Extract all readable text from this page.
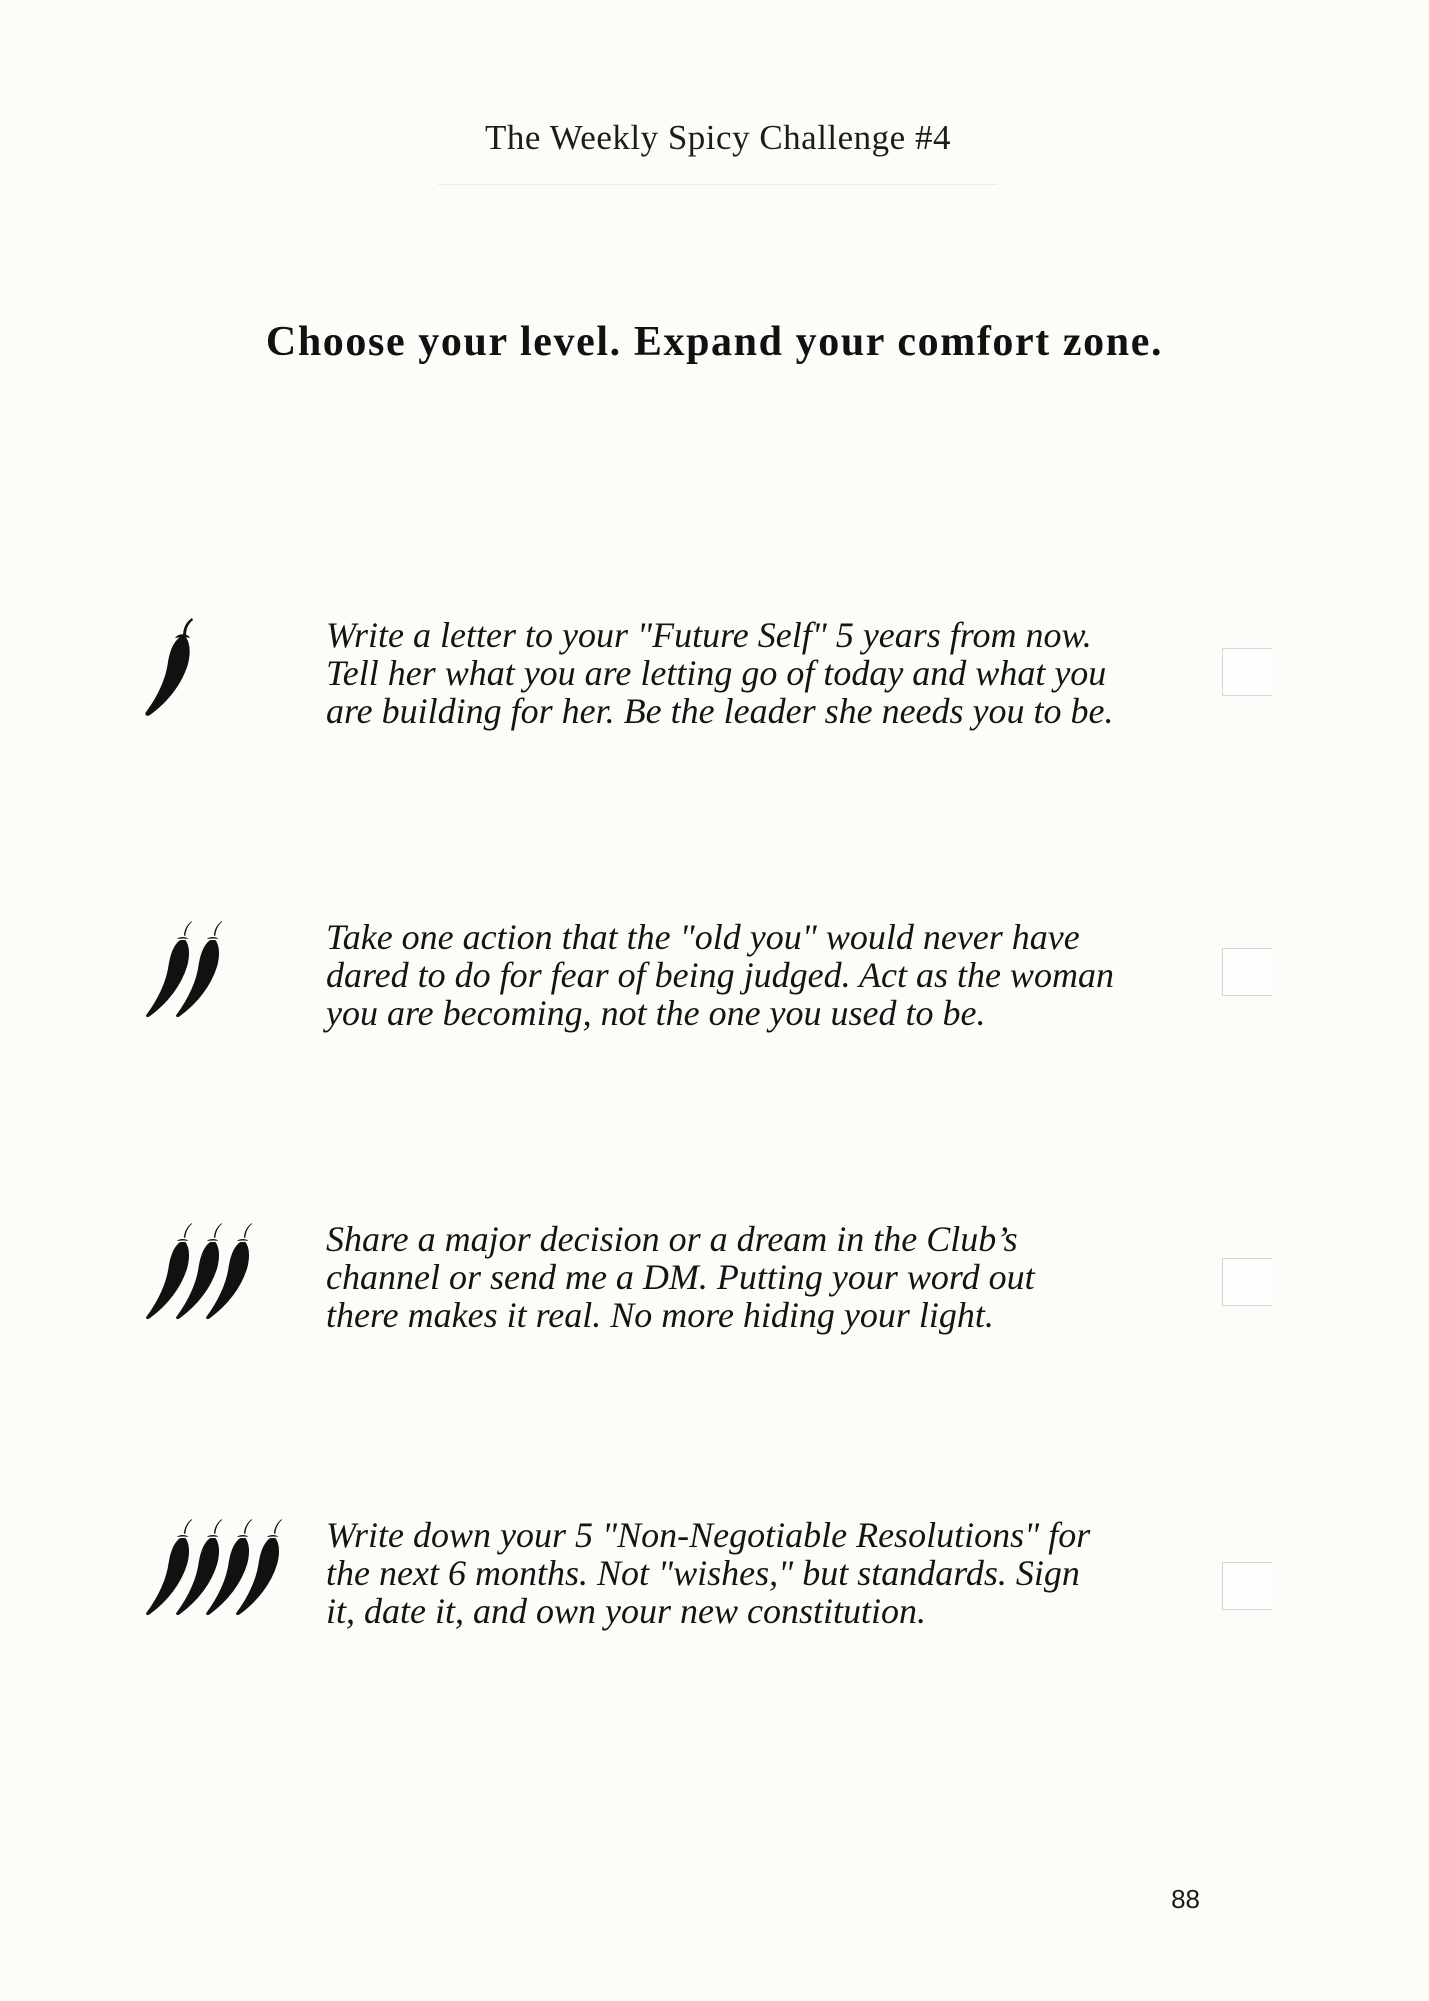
The Weekly Spicy Challenge #4
Choose your level. Expand your comfort zone.
Write a letter to your "Future Self" 5 years from now.
Tell her what you are letting go of today and what you
are building for her. Be the leader she needs you to be.
Take one action that the "old you" would never have
dared to do for fear of being judged. Act as the woman
you are becoming, not the one you used to be.
Share a major decision or a dream in the Club’s
channel or send me a DM. Putting your word out
there makes it real. No more hiding your light.
Write down your 5 "Non-Negotiable Resolutions" for
the next 6 months. Not "wishes," but standards. Sign
it, date it, and own your new constitution.
88
